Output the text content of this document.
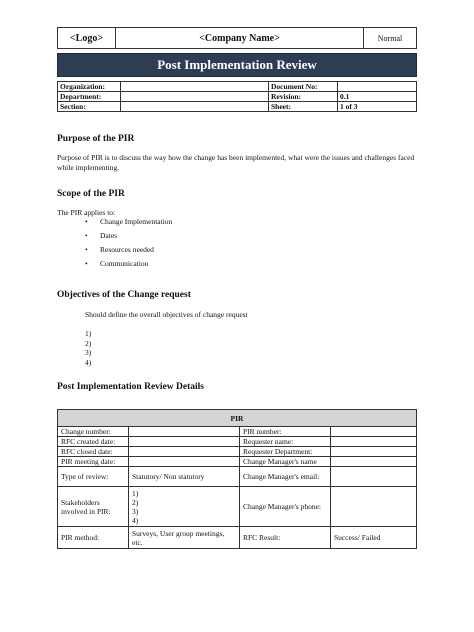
<Logo>	<Company Name>	Normal
Post Implementation Review
Organization:		Document No:	
Department:		Revision:	0.1
Section:		Sheet:	1 of 3
Purpose of the PIR
Purpose of PIR is to discuss the way how the change has been implemented, what were the issues and challenges faced while implementing.
Scope of the PIR
The PIR applies to:
• Change Implementation
• Dates
• Resources needed
• Communication
Objectives of the Change request
Should define the overall objectives of change request
1)
2)
3)
4)
Post Implementation Review Details
PIR			
Change number:		PIR number:	
RFC created date:		Requester name:	
RFC closed date:		Requester Department:	
PIR meeting date:		Change Manager's name	
Type of review:	Statutory/ Non statutory	Change Manager's email:	
Stakeholders involved in PIR:	1)
2)
3)
4)	Change Manager's phone:	
PIR method:	Surveys, User group meetings, etc.	RFC Result:	Success/ Failed
